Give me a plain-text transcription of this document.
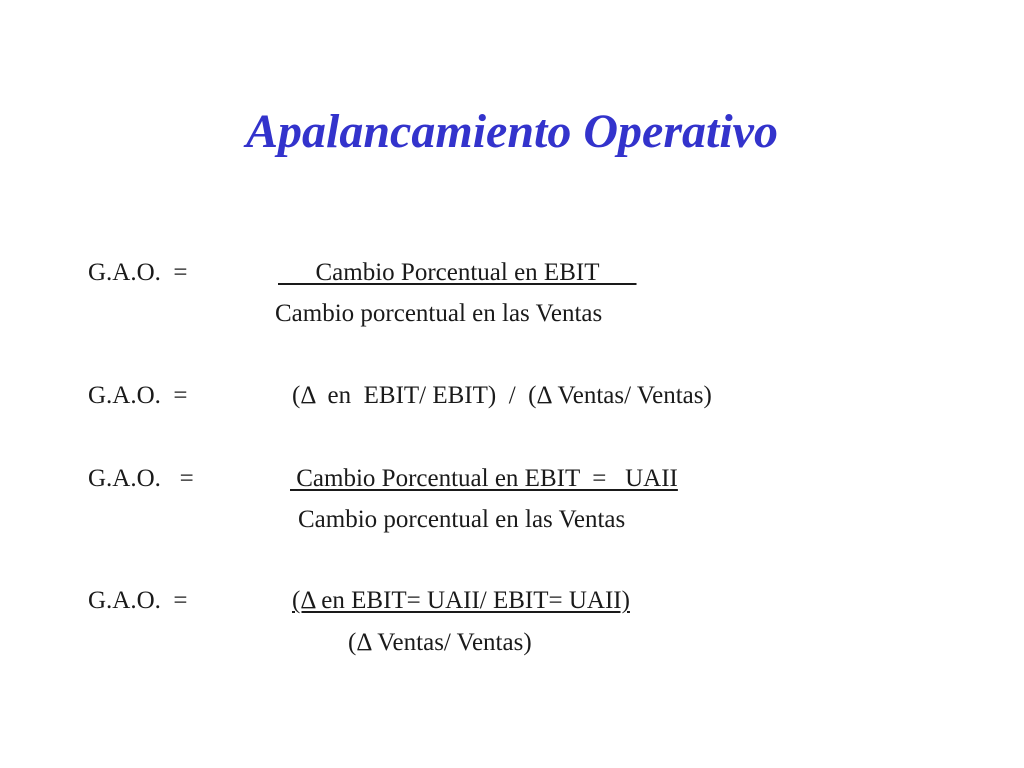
Apalancamiento Operativo
G.A.O.  =	Cambio Porcentual en EBIT
Cambio porcentual en las Ventas
G.A.O.  =	(Δ  en  EBIT/ EBIT)  /  (Δ Ventas/ Ventas)
G.A.O.   =	Cambio Porcentual en EBIT  =   UAII
Cambio porcentual en las Ventas
G.A.O.  =	(Δ en EBIT= UAII/ EBIT= UAII)
(Δ Ventas/ Ventas)
